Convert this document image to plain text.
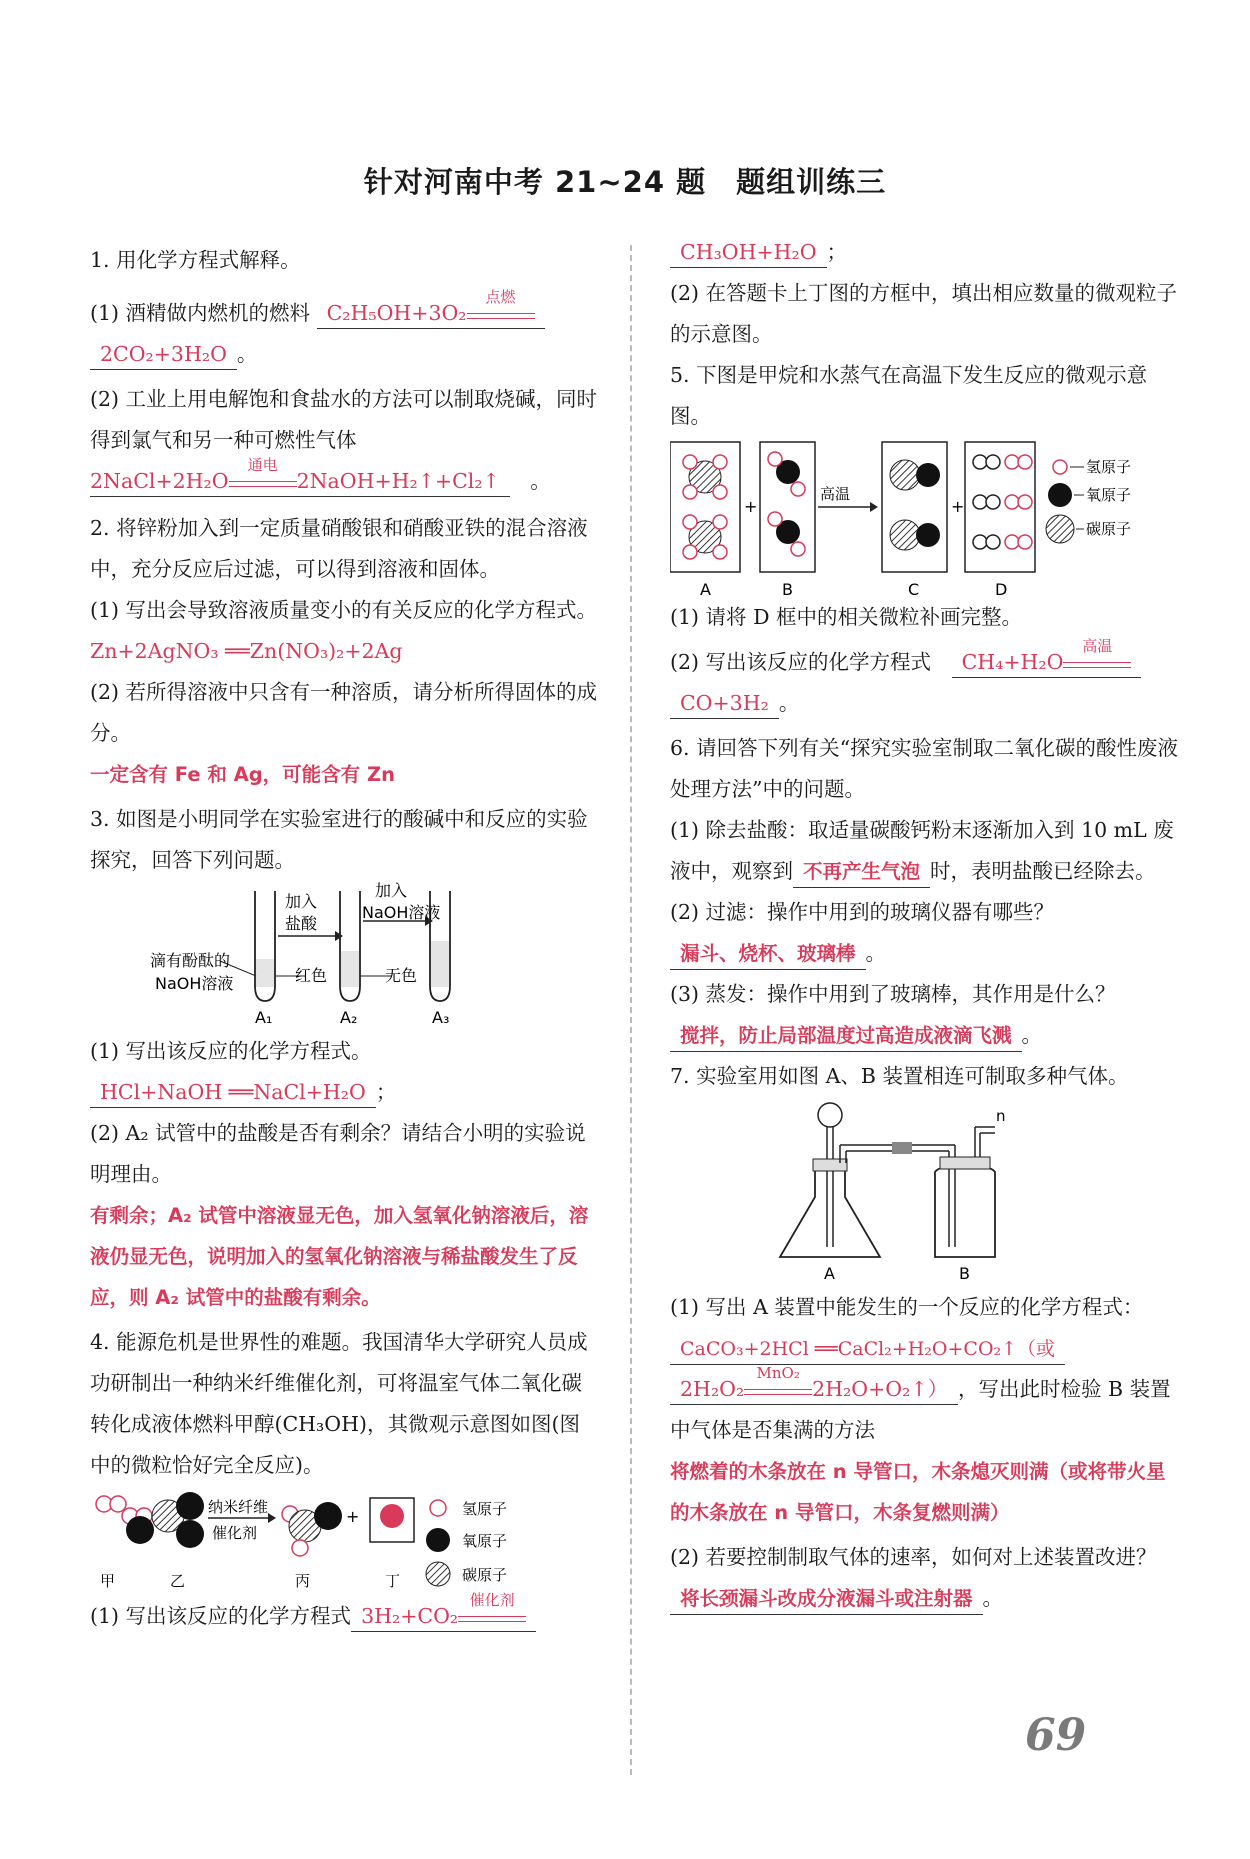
针对河南中考 21~24 题　题组训练三

1. 用化学方程式解释。

(1) 酒精做内燃机的燃料 C₂H₅OH+3O₂
点燃

2CO₂+3H₂O 。

(2) 工业上用电解饱和食盐水的方法可以制取烧碱，同时得到氯气和另一种可燃性气体

2NaCl+2H₂O
通电
2NaOH+H₂↑+Cl₂↑　。

2. 将锌粉加入到一定质量硝酸银和硝酸亚铁的混合溶液中，充分反应后过滤，可以得到溶液和固体。

(1) 写出会导致溶液质量变小的有关反应的化学方程式。

Zn+2AgNO₃ ══Zn(NO₃)₂+2Ag

(2) 若所得溶液中只含有一种溶质，请分析所得固体的成分。

一定含有 Fe 和 Ag，可能含有 Zn

3. 如图是小明同学在实验室进行的酸碱中和反应的实验探究，回答下列问题。

加入
盐酸
加入
NaOH溶液
滴有酚酞的
NaOH溶液	红色	无色
A₁	A₂	A₃

(1) 写出该反应的化学方程式。

HCl+NaOH ══NaCl+H₂O ；

(2) A₂ 试管中的盐酸是否有剩余？请结合小明的实验说明理由。

有剩余；A₂ 试管中溶液显无色，加入氢氧化钠溶液后，溶液仍显无色，说明加入的氢氧化钠溶液与稀盐酸发生了反应，则 A₂ 试管中的盐酸有剩余。

4. 能源危机是世界性的难题。我国清华大学研究人员成功研制出一种纳米纤维催化剂，可将温室气体二氧化碳转化成液体燃料甲醇(CH₃OH)，其微观示意图如图(图中的微粒恰好完全反应)。

纳米纤维
催化剂
+	氢原子
氧原子
碳原子
甲	乙	丙	丁

(1) 写出该反应的化学方程式 3H₂+CO₂
催化剂

CH₃OH+H₂O ；

(2) 在答题卡上丁图的方框中，填出相应数量的微观粒子的示意图。

5. 下图是甲烷和水蒸气在高温下发生反应的微观示意图。

+
高温
+
氢原子
氧原子
碳原子
A	B	C	D

(1) 请将 D 框中的相关微粒补画完整。

(2) 写出该反应的化学方程式　 CH₄+H₂O
高温

CO+3H₂ 。

6. 请回答下列有关“探究实验室制取二氧化碳的酸性废液处理方法”中的问题。

(1) 除去盐酸：取适量碳酸钙粉末逐渐加入到 10 mL 废液中，观察到 不再产生气泡 时，表明盐酸已经除去。

(2) 过滤：操作中用到的玻璃仪器有哪些？

漏斗、烧杯、玻璃棒 。

(3) 蒸发：操作中用到了玻璃棒，其作用是什么？

搅拌，防止局部温度过高造成液滴飞溅 。

7. 实验室用如图 A、B 装置相连可制取多种气体。

n
A	B

(1) 写出 A 装置中能发生的一个反应的化学方程式：

CaCO₃+2HCl ══CaCl₂+H₂O+CO₂↑（或

2H₂O₂
MnO₂
2H₂O+O₂↑） ，写出此时检验 B 装置中气体是否集满的方法

将燃着的木条放在 n 导管口，木条熄灭则满（或将带火星的木条放在 n 导管口，木条复燃则满）

(2) 若要控制制取气体的速率，如何对上述装置改进？

将长颈漏斗改成分液漏斗或注射器 。

69
